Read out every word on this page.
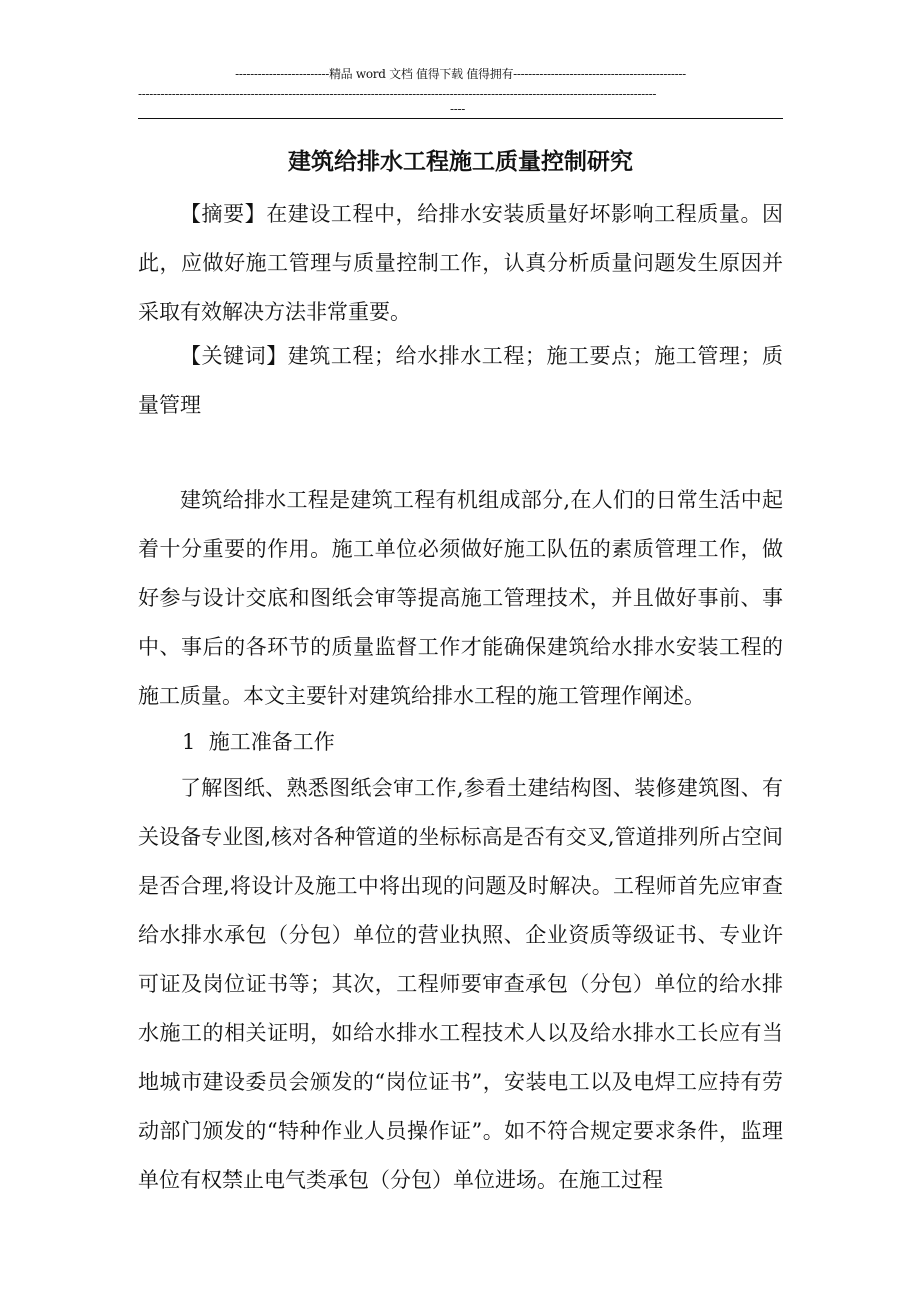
-------------------------精品 word 文档 值得下载 值得拥有----------------------------------------------
------------------------------------------------------------------------------------------------------------------------------------------
----
建筑给排水工程施工质量控制研究

【摘要】在建设工程中，给排水安装质量好坏影响工程质量。因此，应做好施工管理与质量控制工作，认真分析质量问题发生原因并采取有效解决方法非常重要。

【关键词】建筑工程；给水排水工程；施工要点；施工管理；质量管理

建筑给排水工程是建筑工程有机组成部分,在人们的日常生活中起着十分重要的作用。施工单位必须做好施工队伍的素质管理工作，做好参与设计交底和图纸会审等提高施工管理技术，并且做好事前、事中、事后的各环节的质量监督工作才能确保建筑给水排水安装工程的施工质量。本文主要针对建筑给排水工程的施工管理作阐述。

1  施工准备工作

了解图纸、熟悉图纸会审工作,参看土建结构图、装修建筑图、有关设备专业图,核对各种管道的坐标标高是否有交叉,管道排列所占空间是否合理,将设计及施工中将出现的问题及时解决。工程师首先应审查给水排水承包（分包）单位的营业执照、企业资质等级证书、专业许可证及岗位证书等；其次，工程师要审查承包（分包）单位的给水排水施工的相关证明，如给水排水工程技术人以及给水排水工长应有当地城市建设委员会颁发的“岗位证书”，安装电工以及电焊工应持有劳动部门颁发的“特种作业人员操作证”。如不符合规定要求条件，监理单位有权禁止电气类承包（分包）单位进场。在施工过程
